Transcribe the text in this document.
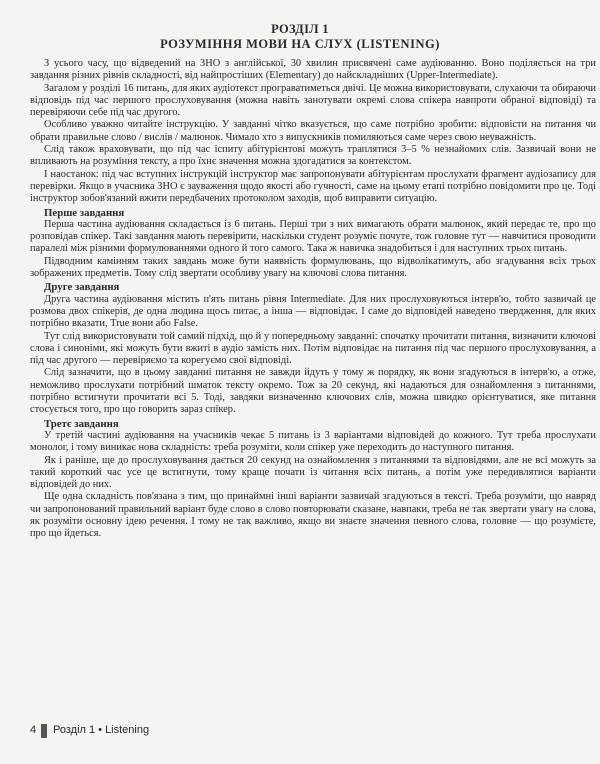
РОЗДІЛ 1
РОЗУМІННЯ МОВИ НА СЛУХ (LISTENING)

З усього часу, що відведений на ЗНО з англійської, 30 хвилин присвячені саме аудіюванню. Воно поділяється на три завдання різних рівнів складності, від найпростіших (Elementary) до найскладніших (Upper-Intermediate).

Загалом у розділі 16 питань, для яких аудіотекст програватиметься двічі. Це можна використовувати, слухаючи та обираючи відповідь під час першого прослуховування (можна навіть занотувати окремі слова спікера навпроти обраної відповіді) та перевіряючи себе під час другого.

Особливо уважно читайте інструкцію. У завданні чітко вказується, що саме потрібно зробити: відповісти на питання чи обрати правильне слово / вислів / малюнок. Чимало хто з випускників помиляються саме через свою неуважність.

Слід також враховувати, що під час іспиту абітурієнтові можуть траплятися 3–5 % незнайомих слів. Зазвичай вони не впливають на розуміння тексту, а про їхнє значення можна здогадатися за контекстом.

І наостанок: під час вступних інструкцій інструктор має запропонувати абітурієнтам прослухати фрагмент аудіозапису для перевірки. Якщо в учасника ЗНО є зауваження щодо якості або гучності, саме на цьому етапі потрібно повідомити про це. Тоді інструктор зобов'язаний вжити передбачених протоколом заходів, щоб виправити ситуацію.

Перше завдання

Перша частина аудіювання складається із 6 питань. Перші три з них вимагають обрати малюнок, який передає те, про що розповідав спікер. Такі завдання мають перевірити, наскільки студент розуміє почуте, тож головне тут — навчитися проводити паралелі між різними формулюваннями одного й того самого. Така ж навичка знадобиться і для наступних трьох питань.

Підводним камінням таких завдань може бути наявність формулювань, що відволікатимуть, або згадування всіх трьох зображених предметів. Тому слід звертати особливу увагу на ключові слова питання.

Друге завдання

Друга частина аудіювання містить п'ять питань рівня Intermediate. Для них прослуховуються інтерв'ю, тобто зазвичай це розмова двох спікерів, де одна людина щось питає, а інша — відповідає. І саме до відповідей наведено твердження, для яких потрібно вказати, True вони або False.

Тут слід використовувати той самий підхід, що й у попередньому завданні: спочатку прочитати питання, визначити ключові слова і синоніми, які можуть бути вжиті в аудіо замість них. Потім відповідає на питання під час першого прослуховування, а під час другого — перевіряємо та корегуємо свої відповіді.

Слід зазначити, що в цьому завданні питання не завжди йдуть у тому ж порядку, як вони згадуються в інтерв'ю, а отже, неможливо прослухати потрібний шматок тексту окремо. Тож за 20 секунд, які надаються для ознайомлення з питаннями, потрібно встигнути прочитати всі 5. Тоді, завдяки визначенню ключових слів, можна швидко орієнтуватися, яке питання стосується того, про що говорить зараз спікер.

Третє завдання

У третій частині аудіювання на учасників чекає 5 питань із 3 варіантами відповідей до кожного. Тут треба прослухати монолог, і тому виникає нова складність: треба розуміти, коли спікер уже переходить до наступного питання.

Як і раніше, ще до прослуховування дається 20 секунд на ознайомлення з питаннями та відповідями, але не всі можуть за такий короткий час усе це встигнути, тому краще почати із читання всіх питань, а потім уже передивлятися варіанти відповідей до них.

Ще одна складність пов'язана з тим, що принаймні інші варіанти зазвичай згадуються в тексті. Треба розуміти, що навряд чи запропонований правильний варіант буде слово в слово повторювати сказане, навпаки, треба не так звертати увагу на слова, як розуміти основну ідею речення. І тому не так важливо, якщо ви знаєте значення певного слова, головне — що розумієте, про що йдеться.

4 Розділ 1 • Listening
